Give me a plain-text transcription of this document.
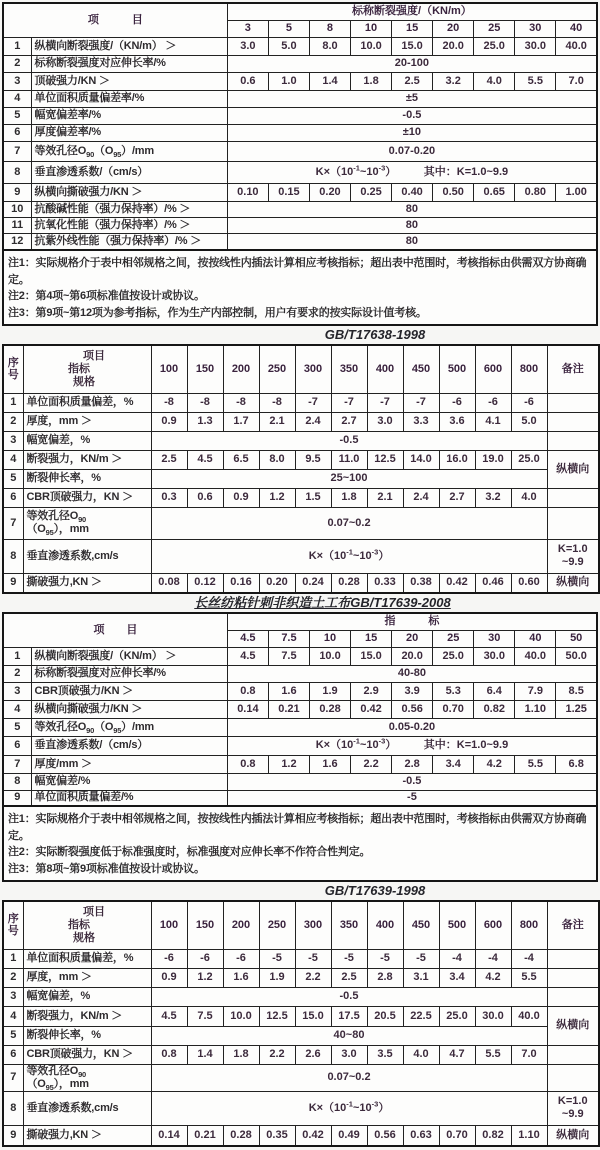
项　　　目		标称断裂强度/（KN/m）								
		3	5	8	10	15	20	25	30	40
1	纵横向断裂强度/（KN/m） ＞	3.0	5.0	8.0	10.0	15.0	20.0	25.0	30.0	40.0
2	标称断裂强度对应伸长率/%	20-100								
3	顶破强力/KN ＞	0.6	1.0	1.4	1.8	2.5	3.2	4.0	5.5	7.0
4	单位面积质量偏差率/%	±5								
5	幅宽偏差率/%	-0.5								
6	厚度偏差率/%	±10								
7	等效孔径$O_{90}(O_{95})/mm$	0.07-0.20								
8	垂直渗透系数/（cm/s）	$K\times(10^{-1}\sim 10^{-3})$　　　其中：K=1.0~9.9								
9	纵横向撕破强力/KN ＞	0.10	0.15	0.20	0.25	0.40	0.50	0.65	0.80	1.00
10	抗酸碱性能（强力保持率）/% ＞	80								
11	抗氧化性能（强力保持率）/% ＞	80								
12	抗紫外线性能（强力保持率）/% ＞	80								
注1：实际规格介于表中相邻规格之间，按按线性内插法计算相应考核指标；超出表中范围时，考核指标由供需双方协商确定。
注2：第4项~第6项标准值按设计或协议。
注3：第9项~第12项为参考指标，作为生产内部控制，用户有要求的按实际设计值考核。
GB/T17638-1998
序
号	
项目
指标
规格
	100	150	200	250	300	350	400	450	500	600	800	备注
1	单位面积质量偏差，%	-8	-8	-8	-8	-7	-7	-7	-7	-6	-6	-6	
2	厚度，mm ＞	0.9	1.3	1.7	2.1	2.4	2.7	3.0	3.3	3.6	4.1	5.0	
3	幅宽偏差，%	-0.5											
4	断裂强力，KN/m ＞	2.5	4.5	6.5	8.0	9.5	11.0	12.5	14.0	16.0	19.0	25.0	纵横向
5	断裂伸长率，%	25~100											
6	CBR顶破强力，KN ＞	0.3	0.6	0.9	1.2	1.5	1.8	2.1	2.4	2.7	3.2	4.0	
7	等效孔径$O_{90}$
$(O_{95})$，mm	0.07~0.2											
8	垂直渗透系数,cm/s	$K\times(10^{-1}\sim 10^{-3})$											K=1.0
~9.9
9	撕破强力,KN ＞	0.08	0.12	0.16	0.20	0.24	0.28	0.33	0.38	0.42	0.46	0.60	纵横向
长丝纺粘针刺非织造土工布GB/T17639-2008
项　　目		指　　　标								
		4.5	7.5	10	15	20	25	30	40	50
1	纵横向断裂强度/（KN/m） ＞	4.5	7.5	10.0	15.0	20.0	25.0	30.0	40.0	50.0
2	标称断裂强度对应伸长率/%	40-80								
3	CBR顶破强力/KN ＞	0.8	1.6	1.9	2.9	3.9	5.3	6.4	7.9	8.5
4	纵横向撕破强力/KN ＞	0.14	0.21	0.28	0.42	0.56	0.70	0.82	1.10	1.25
5	等效孔径$O_{90}(O_{95})/mm$	0.05-0.20								
6	垂直渗透系数/（cm/s）	$K\times(10^{-1}\sim 10^{-3})$　　　其中：K=1.0~9.9								
7	厚度/mm ＞	0.8	1.2	1.6	2.2	2.8	3.4	4.2	5.5	6.8
8	幅宽偏差/%	-0.5								
9	单位面积质量偏差/%	-5								
注1：实际规格介于表中相邻规格之间，按按线性内插法计算相应考核指标；超出表中范围时，考核指标由供需双方协商确定。
注2：实际断裂强度低于标准强度时，标准强度对应伸长率不作符合性判定。
注3：第8项~第9项标准值按设计或协议。
GB/T17639-1998
序
号	
项目
指标
规格
	100	150	200	250	300	350	400	450	500	600	800	备注
1	单位面积质量偏差，%	-6	-6	-6	-5	-5	-5	-5	-5	-4	-4	-4	
2	厚度，mm ＞	0.9	1.2	1.6	1.9	2.2	2.5	2.8	3.1	3.4	4.2	5.5	
3	幅宽偏差，%	-0.5											
4	断裂强力，KN/m ＞	4.5	7.5	10.0	12.5	15.0	17.5	20.5	22.5	25.0	30.0	40.0	纵横向
5	断裂伸长率，%	40~80											
6	CBR顶破强力，KN ＞	0.8	1.4	1.8	2.2	2.6	3.0	3.5	4.0	4.7	5.5	7.0	
7	等效孔径$O_{90}$
$(O_{95})$，mm	0.07~0.2											
8	垂直渗透系数,cm/s	$K\times(10^{-1}\sim 10^{-3})$											K=1.0
~9.9
9	撕破强力,KN ＞	0.14	0.21	0.28	0.35	0.42	0.49	0.56	0.63	0.70	0.82	1.10	纵横向
